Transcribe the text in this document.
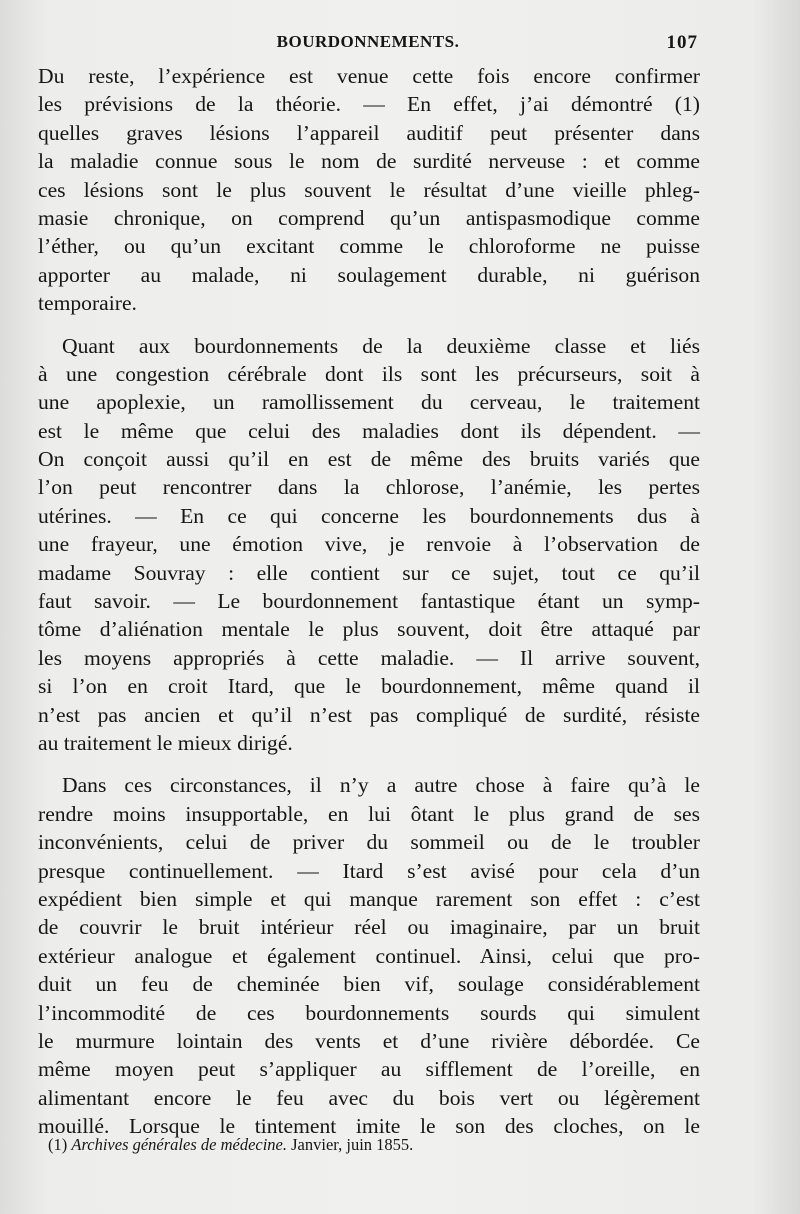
BOURDONNEMENTS.	107
Du reste, l’expérience est venue cette fois encore confirmer
les prévisions de la théorie. — En effet, j’ai démontré (1)
quelles graves lésions l’appareil auditif peut présenter dans
la maladie connue sous le nom de surdité nerveuse : et comme
ces lésions sont le plus souvent le résultat d’une vieille phleg-
masie chronique, on comprend qu’un antispasmodique comme
l’éther, ou qu’un excitant comme le chloroforme ne puisse
apporter au malade, ni soulagement durable, ni guérison
temporaire.
Quant aux bourdonnements de la deuxième classe et liés
à une congestion cérébrale dont ils sont les précurseurs, soit à
une apoplexie, un ramollissement du cerveau, le traitement
est le même que celui des maladies dont ils dépendent. —
On conçoit aussi qu’il en est de même des bruits variés que
l’on peut rencontrer dans la chlorose, l’anémie, les pertes
utérines. — En ce qui concerne les bourdonnements dus à
une frayeur, une émotion vive, je renvoie à l’observation de
madame Souvray : elle contient sur ce sujet, tout ce qu’il
faut savoir. — Le bourdonnement fantastique étant un symp-
tôme d’aliénation mentale le plus souvent, doit être attaqué par
les moyens appropriés à cette maladie. — Il arrive souvent,
si l’on en croit Itard, que le bourdonnement, même quand il
n’est pas ancien et qu’il n’est pas compliqué de surdité, résiste
au traitement le mieux dirigé.
Dans ces circonstances, il n’y a autre chose à faire qu’à le
rendre moins insupportable, en lui ôtant le plus grand de ses
inconvénients, celui de priver du sommeil ou de le troubler
presque continuellement. — Itard s’est avisé pour cela d’un
expédient bien simple et qui manque rarement son effet : c’est
de couvrir le bruit intérieur réel ou imaginaire, par un bruit
extérieur analogue et également continuel. Ainsi, celui que pro-
duit un feu de cheminée bien vif, soulage considérablement
l’incommodité de ces bourdonnements sourds qui simulent
le murmure lointain des vents et d’une rivière débordée. Ce
même moyen peut s’appliquer au sifflement de l’oreille, en
alimentant encore le feu avec du bois vert ou légèrement
mouillé. Lorsque le tintement imite le son des cloches, on le
(1) Archives générales de médecine. Janvier, juin 1855.
